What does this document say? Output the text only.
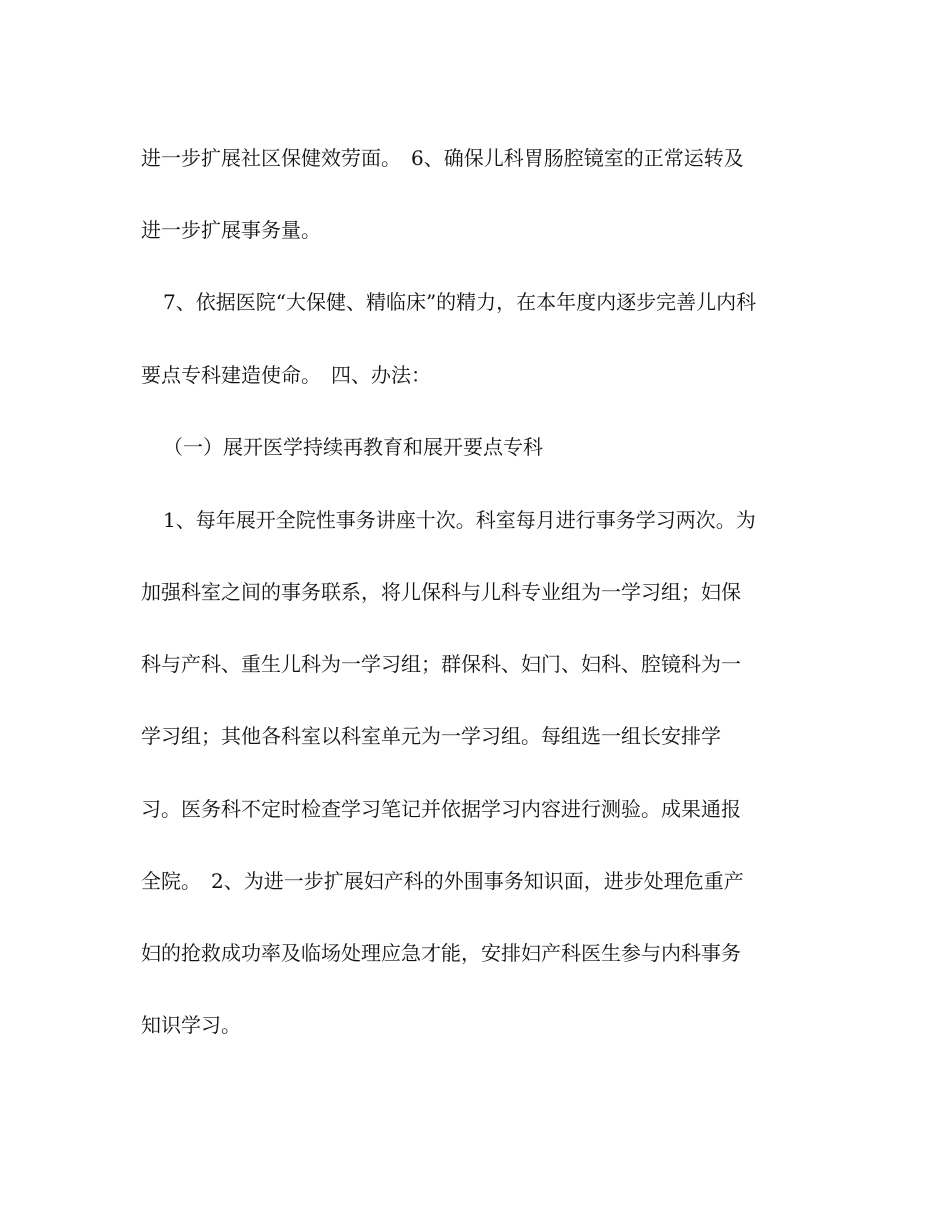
进一步扩展社区保健效劳面。　6、确保儿科胃肠腔镜室的正常运转及
进一步扩展事务量。
7、依据医院“大保健、精临床”的精力，在本年度内逐步完善儿内科
要点专科建造使命。　四、办法：
（一）展开医学持续再教育和展开要点专科
1、每年展开全院性事务讲座十次。科室每月进行事务学习两次。为
加强科室之间的事务联系，将儿保科与儿科专业组为一学习组；妇保
科与产科、重生儿科为一学习组；群保科、妇门、妇科、腔镜科为一
学习组；其他各科室以科室单元为一学习组。每组选一组长安排学
习。医务科不定时检查学习笔记并依据学习内容进行测验。成果通报
全院。　2、为进一步扩展妇产科的外围事务知识面，进步处理危重产
妇的抢救成功率及临场处理应急才能，安排妇产科医生参与内科事务
知识学习。
